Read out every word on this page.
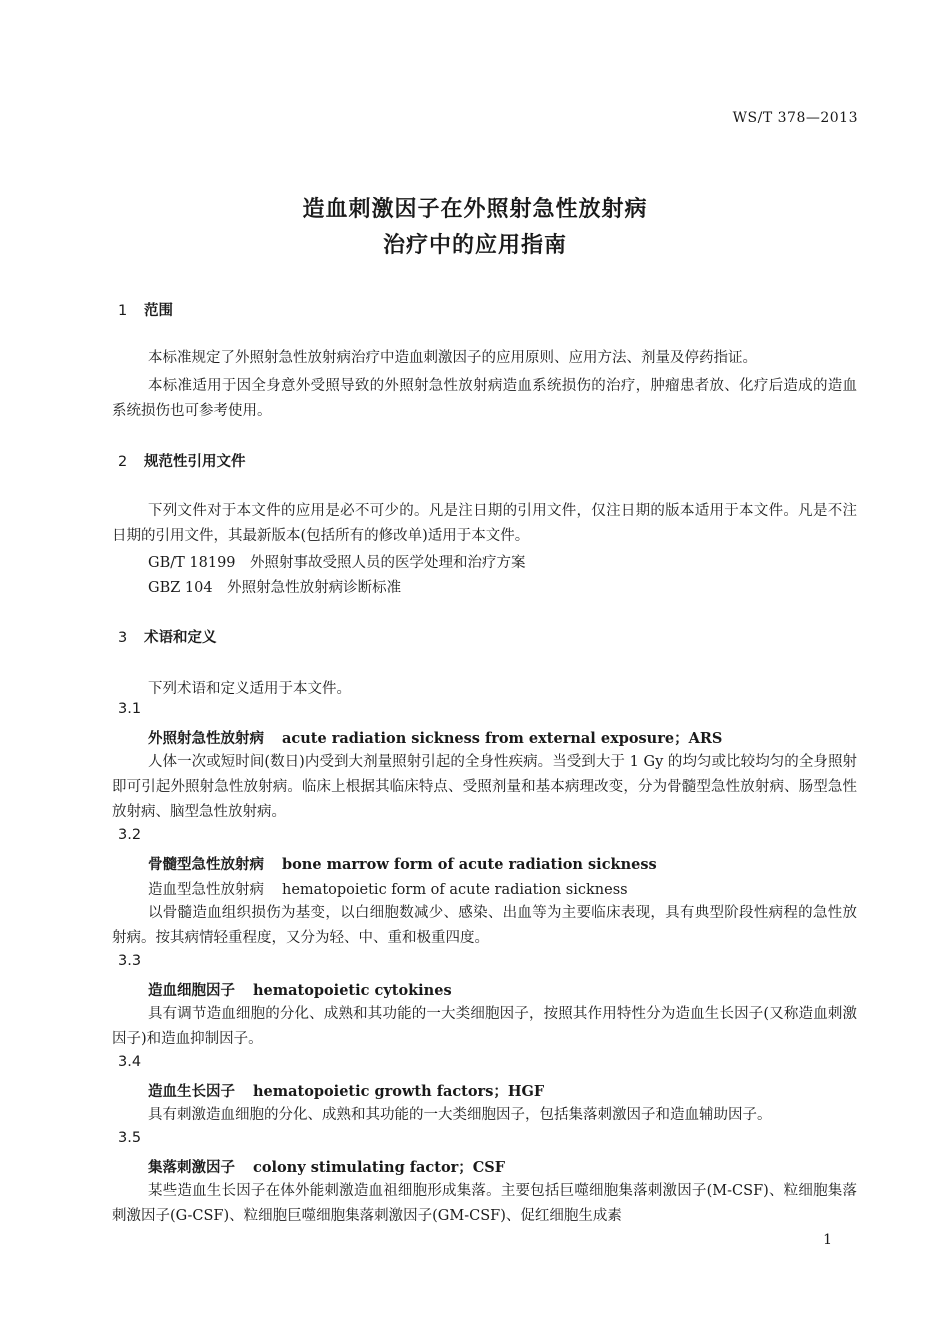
WS/T 378—2013
造血刺激因子在外照射急性放射病
治疗中的应用指南
1 范围
本标准规定了外照射急性放射病治疗中造血刺激因子的应用原则、应用方法、剂量及停药指证。
本标准适用于因全身意外受照导致的外照射急性放射病造血系统损伤的治疗，肿瘤患者放、化疗后造成的造血系统损伤也可参考使用。
2 规范性引用文件
下列文件对于本文件的应用是必不可少的。凡是注日期的引用文件，仅注日期的版本适用于本文件。凡是不注日期的引用文件，其最新版本(包括所有的修改单)适用于本文件。
GB/T 18199　外照射事故受照人员的医学处理和治疗方案
GBZ 104　外照射急性放射病诊断标准
3 术语和定义
下列术语和定义适用于本文件。
3.1
外照射急性放射病 acute radiation sickness from external exposure；ARS
人体一次或短时间(数日)内受到大剂量照射引起的全身性疾病。当受到大于 1 Gy 的均匀或比较均匀的全身照射即可引起外照射急性放射病。临床上根据其临床特点、受照剂量和基本病理改变，分为骨髓型急性放射病、肠型急性放射病、脑型急性放射病。
3.2
骨髓型急性放射病 bone marrow form of acute radiation sickness
造血型急性放射病 hematopoietic form of acute radiation sickness
以骨髓造血组织损伤为基变，以白细胞数减少、感染、出血等为主要临床表现，具有典型阶段性病程的急性放射病。按其病情轻重程度，又分为轻、中、重和极重四度。
3.3
造血细胞因子 hematopoietic cytokines
具有调节造血细胞的分化、成熟和其功能的一大类细胞因子，按照其作用特性分为造血生长因子(又称造血刺激因子)和造血抑制因子。
3.4
造血生长因子 hematopoietic growth factors；HGF
具有刺激造血细胞的分化、成熟和其功能的一大类细胞因子，包括集落刺激因子和造血辅助因子。
3.5
集落刺激因子 colony stimulating factor；CSF
某些造血生长因子在体外能刺激造血祖细胞形成集落。主要包括巨噬细胞集落刺激因子(M-CSF)、粒细胞集落刺激因子(G-CSF)、粒细胞巨噬细胞集落刺激因子(GM-CSF)、促红细胞生成素
1
